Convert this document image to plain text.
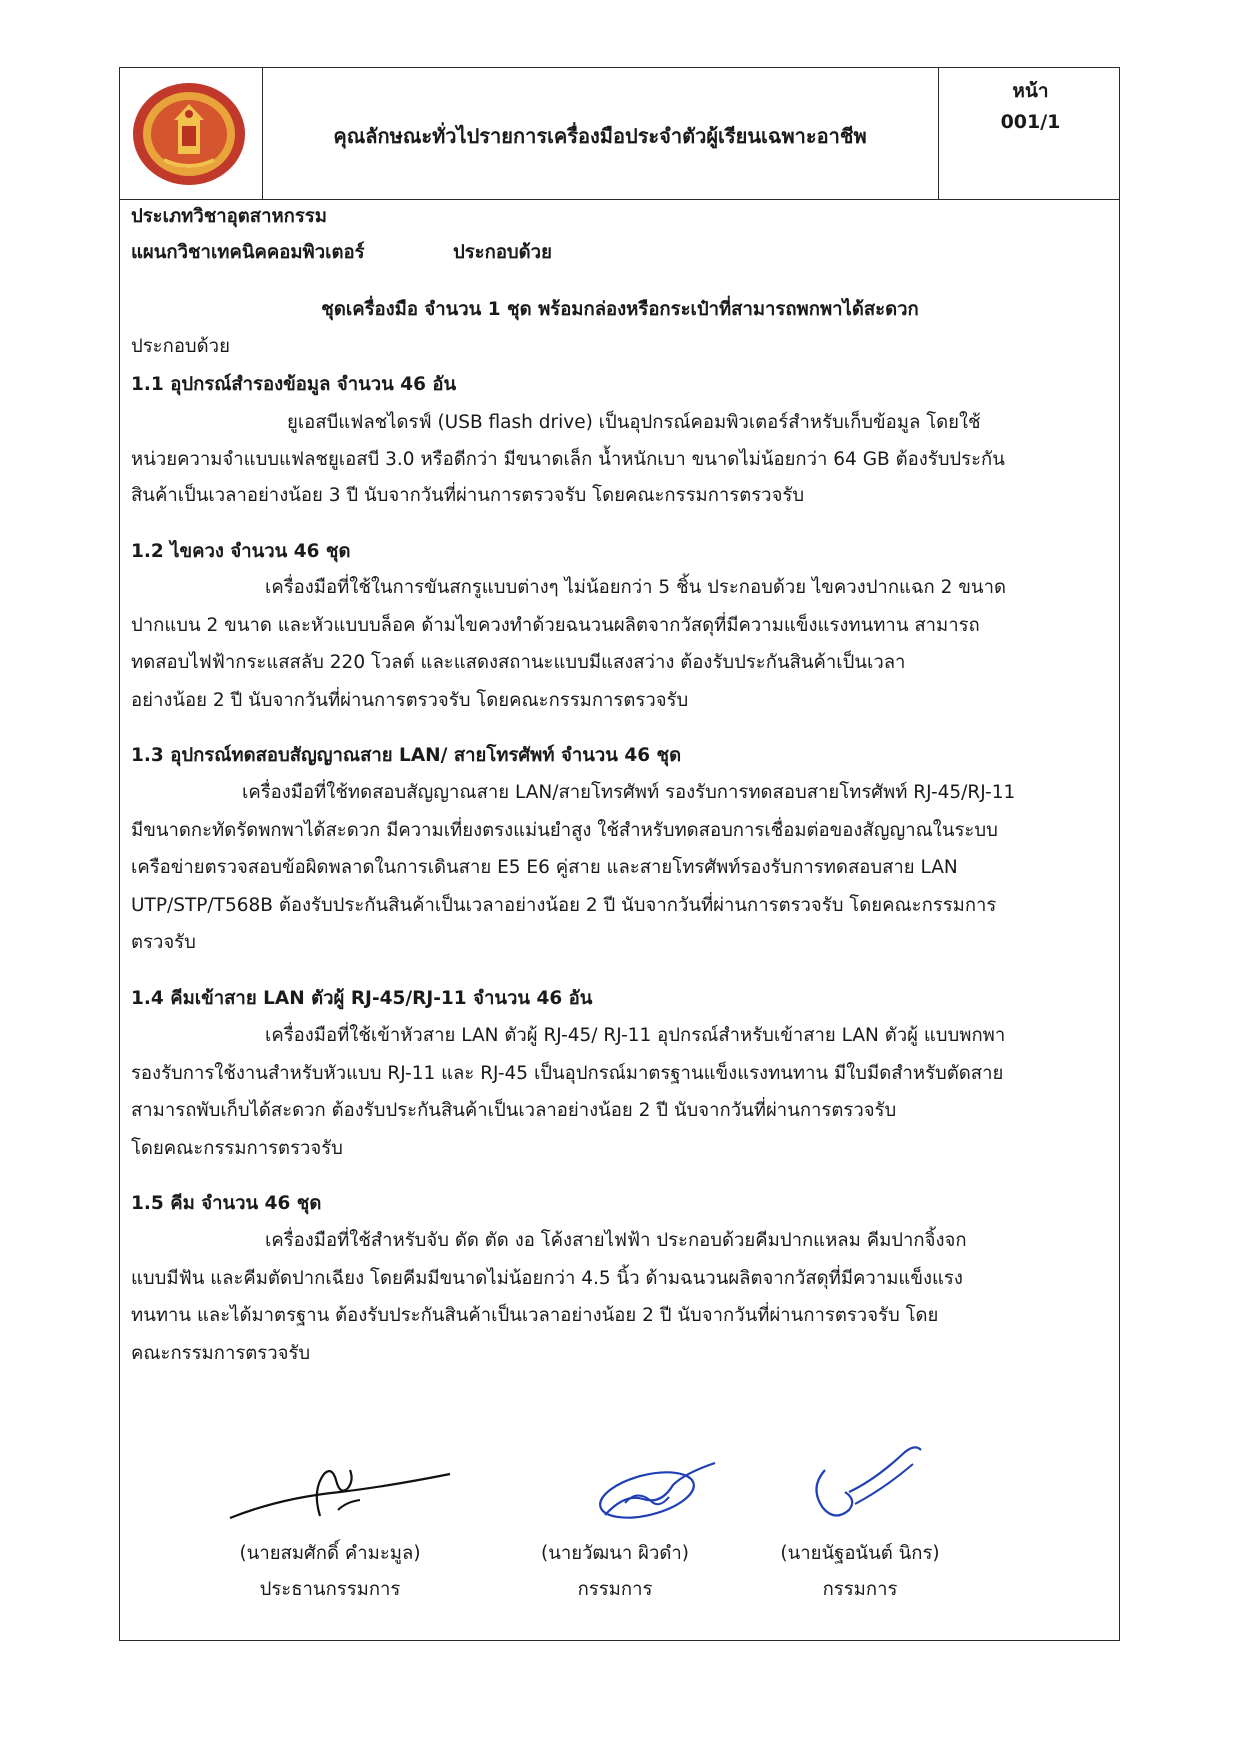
คุณลักษณะทั่วไปรายการเครื่องมือประจำตัวผู้เรียนเฉพาะอาชีพ
หน้า
001/1
ประเภทวิชาอุตสาหกรรม
แผนกวิชาเทคนิคคอมพิวเตอร์	ประกอบด้วย
ชุดเครื่องมือ จำนวน 1 ชุด พร้อมกล่องหรือกระเป๋าที่สามารถพกพาได้สะดวก
ประกอบด้วย
1.1 อุปกรณ์สำรองข้อมูล จำนวน 46 อัน
ยูเอสบีแฟลชไดรฟ์ (USB flash drive) เป็นอุปกรณ์คอมพิวเตอร์สำหรับเก็บข้อมูล โดยใช้
หน่วยความจำแบบแฟลชยูเอสบี 3.0 หรือดีกว่า มีขนาดเล็ก น้ำหนักเบา ขนาดไม่น้อยกว่า 64 GB ต้องรับประกัน
สินค้าเป็นเวลาอย่างน้อย 3 ปี นับจากวันที่ผ่านการตรวจรับ โดยคณะกรรมการตรวจรับ
1.2 ไขควง จำนวน 46 ชุด
เครื่องมือที่ใช้ในการขันสกรูแบบต่างๆ ไม่น้อยกว่า 5 ชิ้น ประกอบด้วย ไขควงปากแฉก 2 ขนาด
ปากแบน 2 ขนาด และหัวแบบบล็อค ด้ามไขควงทำด้วยฉนวนผลิตจากวัสดุที่มีความแข็งแรงทนทาน สามารถ
ทดสอบไฟฟ้ากระแสสลับ 220 โวลต์ และแสดงสถานะแบบมีแสงสว่าง ต้องรับประกันสินค้าเป็นเวลา
อย่างน้อย 2 ปี นับจากวันที่ผ่านการตรวจรับ โดยคณะกรรมการตรวจรับ
1.3 อุปกรณ์ทดสอบสัญญาณสาย LAN/ สายโทรศัพท์ จำนวน 46 ชุด
เครื่องมือที่ใช้ทดสอบสัญญาณสาย LAN/สายโทรศัพท์ รองรับการทดสอบสายโทรศัพท์ RJ-45/RJ-11
มีขนาดกะทัดรัดพกพาได้สะดวก มีความเที่ยงตรงแม่นยำสูง ใช้สำหรับทดสอบการเชื่อมต่อของสัญญาณในระบบ
เครือข่ายตรวจสอบข้อผิดพลาดในการเดินสาย E5 E6 คู่สาย และสายโทรศัพท์รองรับการทดสอบสาย LAN
UTP/STP/T568B ต้องรับประกันสินค้าเป็นเวลาอย่างน้อย 2 ปี นับจากวันที่ผ่านการตรวจรับ โดยคณะกรรมการ
ตรวจรับ
1.4 คีมเข้าสาย LAN ตัวผู้ RJ-45/RJ-11 จำนวน 46 อัน
เครื่องมือที่ใช้เข้าหัวสาย LAN ตัวผู้ RJ-45/ RJ-11 อุปกรณ์สำหรับเข้าสาย LAN ตัวผู้ แบบพกพา
รองรับการใช้งานสำหรับหัวแบบ RJ-11 และ RJ-45 เป็นอุปกรณ์มาตรฐานแข็งแรงทนทาน มีใบมีดสำหรับตัดสาย
สามารถพับเก็บได้สะดวก ต้องรับประกันสินค้าเป็นเวลาอย่างน้อย 2 ปี นับจากวันที่ผ่านการตรวจรับ
โดยคณะกรรมการตรวจรับ
1.5 คีม จำนวน 46 ชุด
เครื่องมือที่ใช้สำหรับจับ ดัด ตัด งอ โค้งสายไฟฟ้า ประกอบด้วยคีมปากแหลม คีมปากจิ้งจก
แบบมีฟัน และคีมตัดปากเฉียง โดยคีมมีขนาดไม่น้อยกว่า 4.5 นิ้ว ด้ามฉนวนผลิตจากวัสดุที่มีความแข็งแรง
ทนทาน และได้มาตรฐาน ต้องรับประกันสินค้าเป็นเวลาอย่างน้อย 2 ปี นับจากวันที่ผ่านการตรวจรับ โดย
คณะกรรมการตรวจรับ
(นายสมศักดิ์ คำมะมูล)
ประธานกรรมการ
(นายวัฒนา ผิวดำ)
กรรมการ
(นายนัฐอนันต์ นิกร)
กรรมการ
